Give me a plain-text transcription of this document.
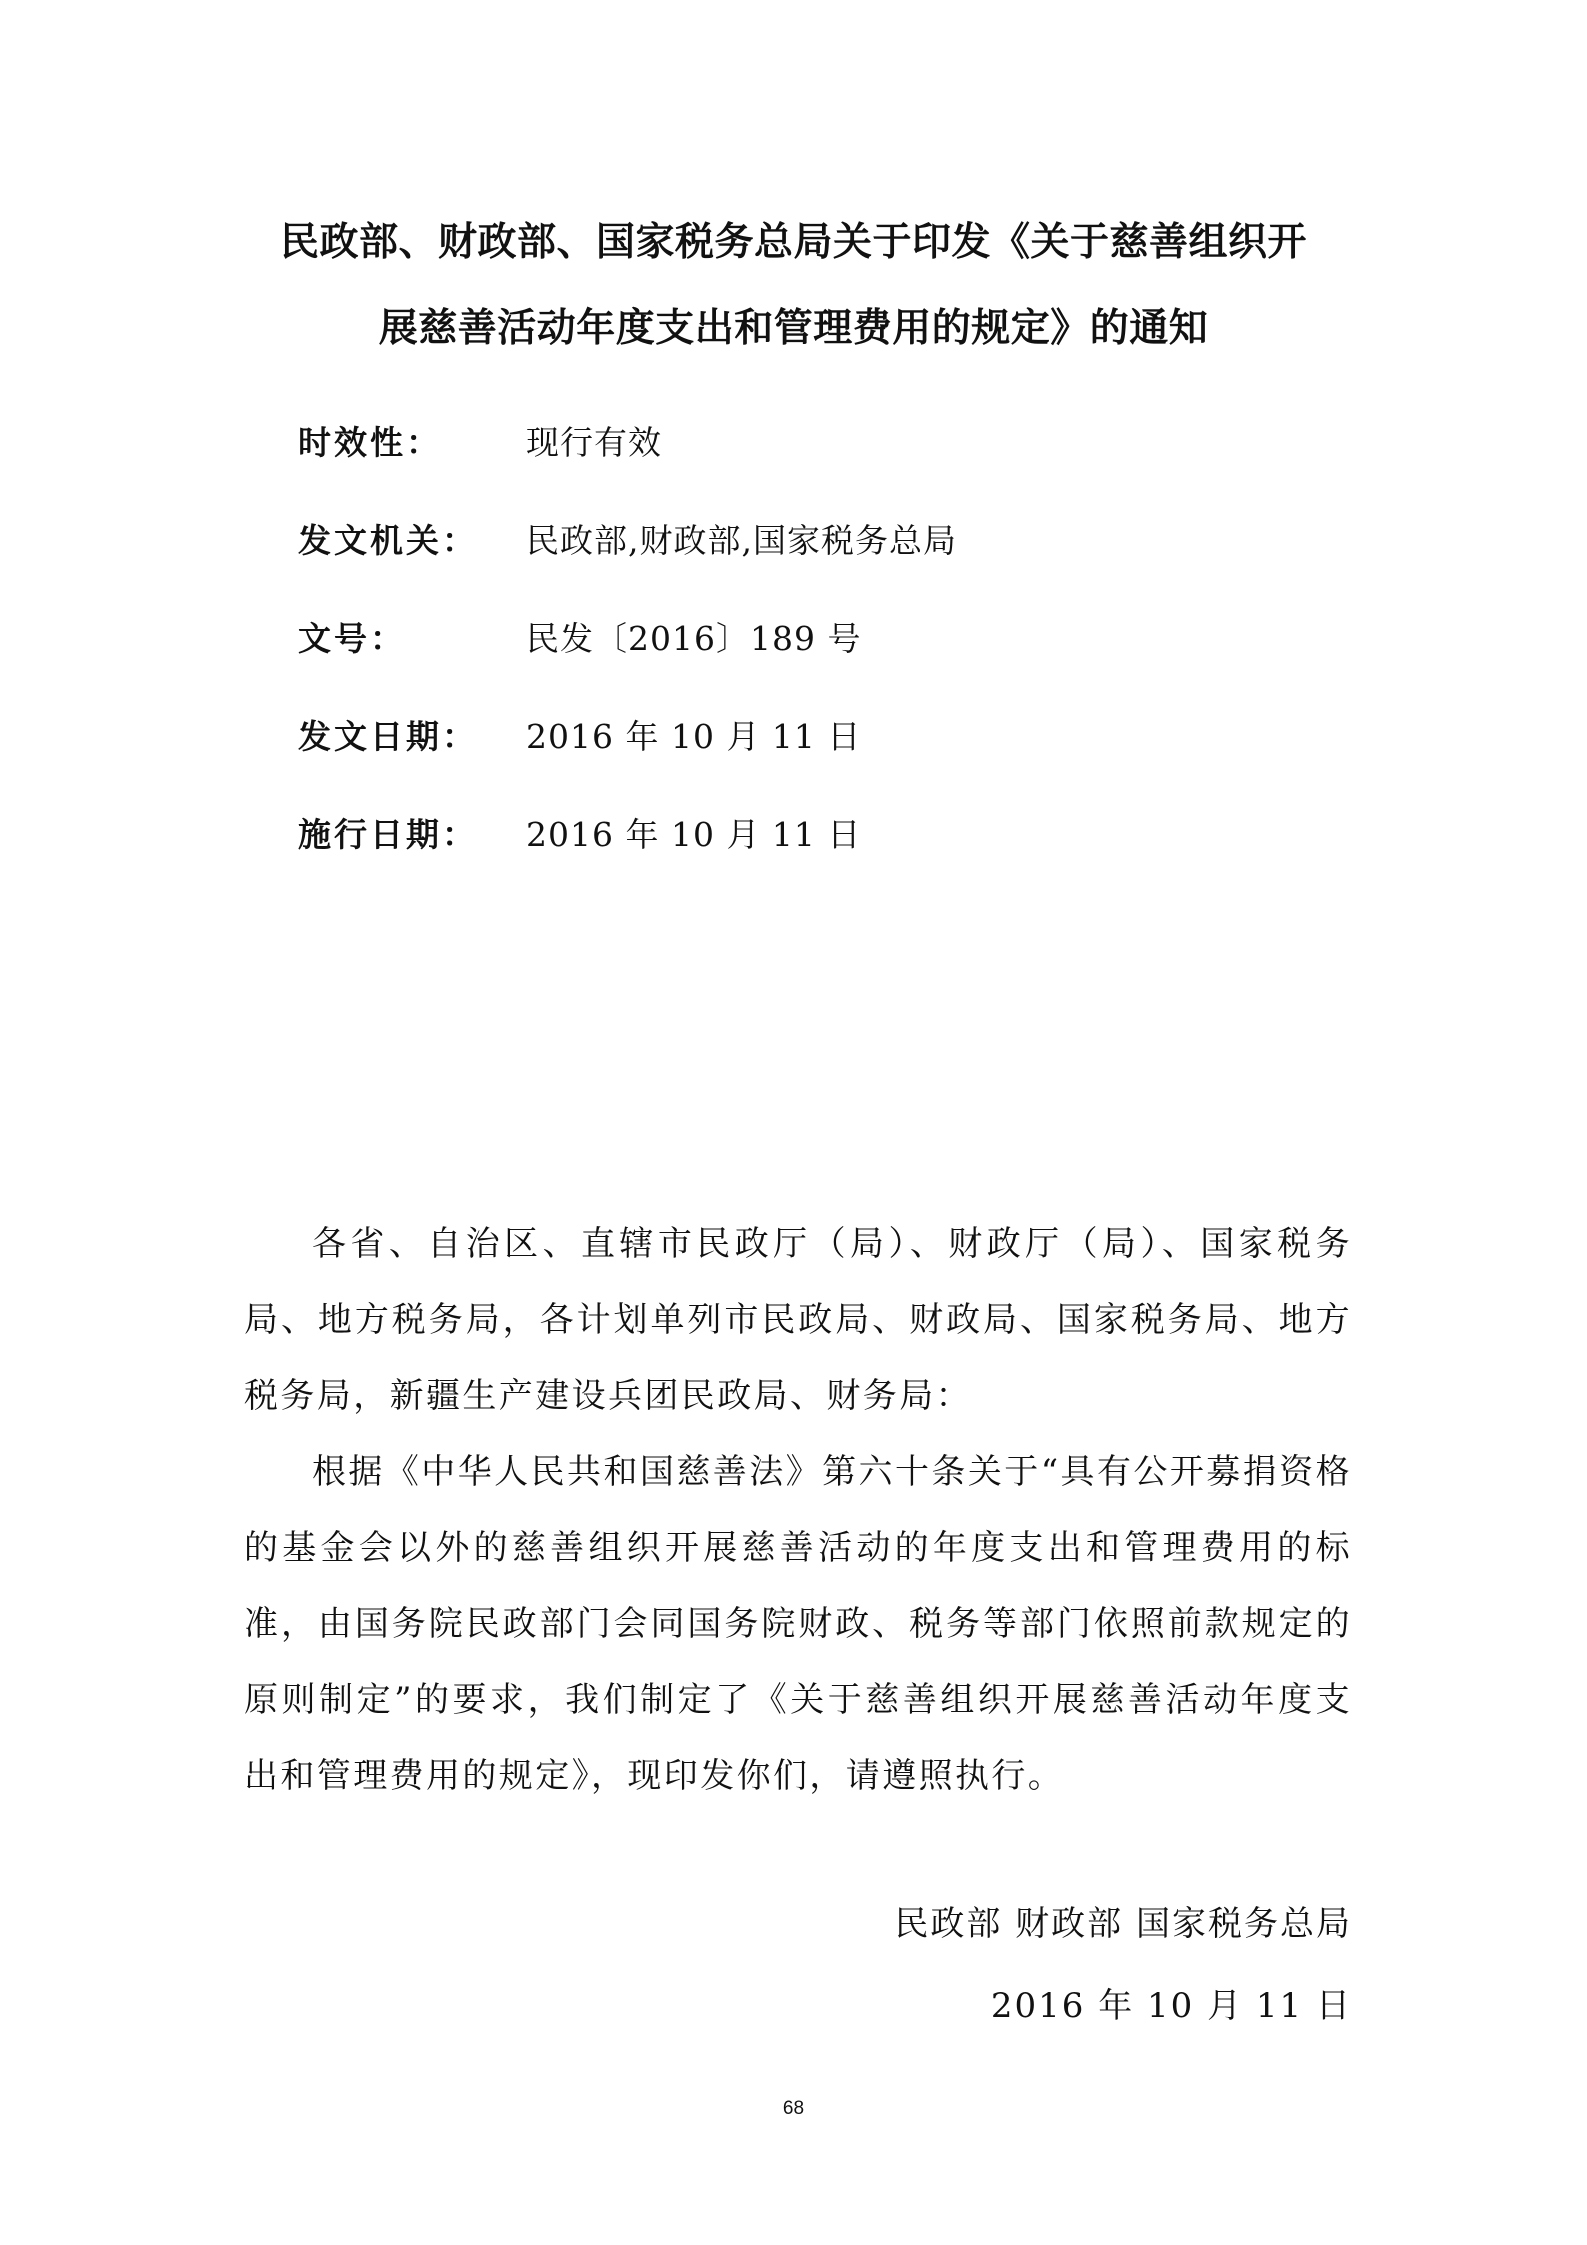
民政部、财政部、国家税务总局关于印发《关于慈善组织开
展慈善活动年度支出和管理费用的规定》的通知
时效性：	现行有效
发文机关： 民政部,财政部,国家税务总局
文号：	民发〔2016〕189 号
发文日期： 2016 年 10 月 11 日
施行日期： 2016 年 10 月 11 日

各省、自治区、直辖市民政厅（局）、财政厅（局）、国家税务局、地方税务局，各计划单列市民政局、财政局、国家税务局、地方税务局，新疆生产建设兵团民政局、财务局：

根据《中华人民共和国慈善法》第六十条关于“具有公开募捐资格的基金会以外的慈善组织开展慈善活动的年度支出和管理费用的标准，由国务院民政部门会同国务院财政、税务等部门依照前款规定的原则制定”的要求，我们制定了《关于慈善组织开展慈善活动年度支出和管理费用的规定》，现印发你们，请遵照执行。

民政部 财政部 国家税务总局
2016 年 10 月 11 日
68
